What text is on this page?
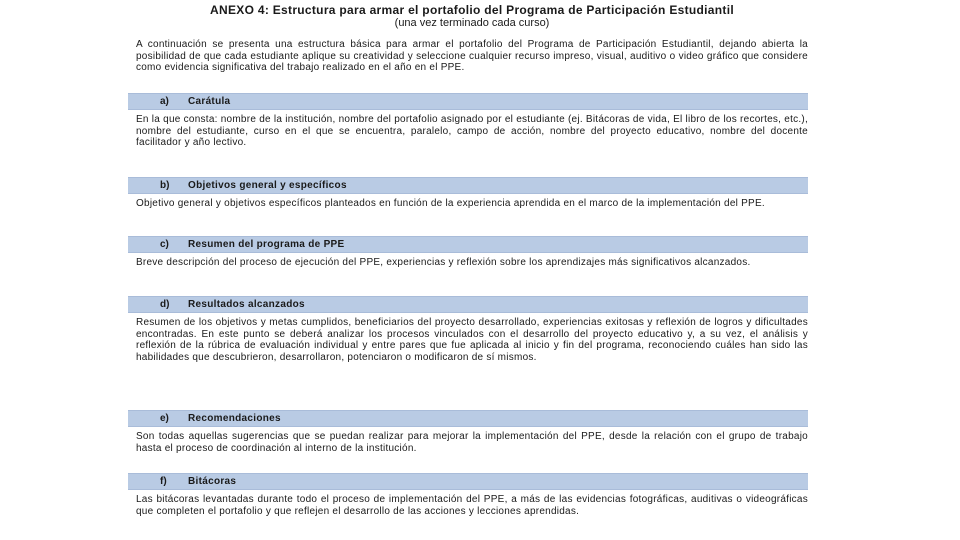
ANEXO 4: Estructura para armar el portafolio del Programa de Participación Estudiantil
(una vez terminado cada curso)

A continuación se presenta una estructura básica para armar el portafolio del Programa de Participación Estudiantil, dejando abierta la posibilidad de que cada estudiante aplique su creatividad y seleccione cualquier recurso impreso, visual, auditivo o video gráfico que considere como evidencia significativa del trabajo realizado en el año en el PPE.

a)	Carátula

En la que consta: nombre de la institución, nombre del portafolio asignado por el estudiante (ej. Bitácoras de vida, El libro de los recortes, etc.), nombre del estudiante, curso en el que se encuentra, paralelo, campo de acción, nombre del proyecto educativo, nombre del docente facilitador y año lectivo.

b)	Objetivos general y específicos

Objetivo general y objetivos específicos planteados en función de la experiencia aprendida en el marco de la implementación del PPE.

c)	Resumen del programa de PPE

Breve descripción del proceso de ejecución del PPE, experiencias y reflexión sobre los aprendizajes más significativos alcanzados.

d)	Resultados alcanzados

Resumen de los objetivos y metas cumplidos, beneficiarios del proyecto desarrollado, experiencias exitosas y reflexión de logros y dificultades encontradas. En este punto se deberá analizar los procesos vinculados con el desarrollo del proyecto educativo y, a su vez, el análisis y reflexión de la rúbrica de evaluación individual y entre pares que fue aplicada al inicio y fin del programa, reconociendo cuáles han sido las habilidades que descubrieron, desarrollaron, potenciaron o modificaron de sí mismos.

e)	Recomendaciones

Son todas aquellas sugerencias que se puedan realizar para mejorar la implementación del PPE, desde la relación con el grupo de trabajo hasta el proceso de coordinación al interno de la institución.

f)	Bitácoras

Las bitácoras levantadas durante todo el proceso de implementación del PPE, a más de las evidencias fotográficas, auditivas o videográficas que completen el portafolio y que reflejen el desarrollo de las acciones y lecciones aprendidas.
